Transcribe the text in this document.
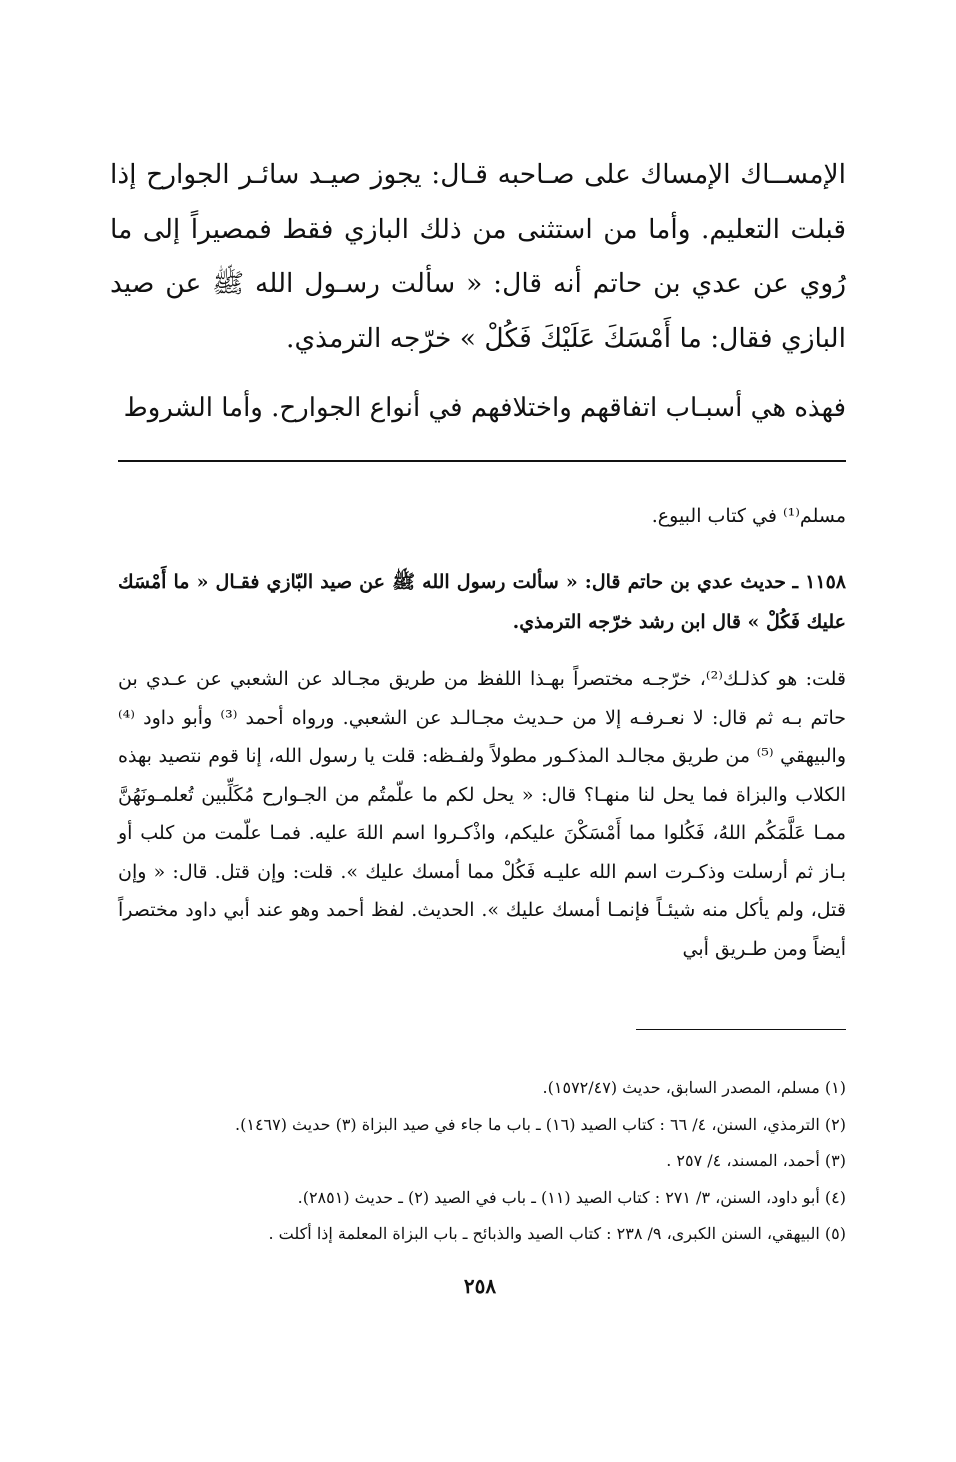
الإمســاك الإمساك على صـاحبه قـال: يجوز صيـد سائـر الجوارح إذا قبلت التعليم. وأما من استثنى من ذلك البازي فقط فمصيراً إلى ما رُوي عن عدي بن حاتم أنه قال: « سألت رسـول الله ﷺ عن صيد البازي فقال: ما أَمْسَكَ عَلَيْكَ فَكُلْ » خرّجه الترمذي.

فهذه هي أسبـاب اتفاقهم واختلافهم في أنواع الجوارح. وأما الشروط

مسلم⁽¹⁾ في كتاب البيوع.

١١٥٨ ـ حديث عدي بن حاتم قال: « سألت رسول الله ﷺ عن صيد البّازي فقـال « ما أَمْسَك عليك فَكُلْ » قال ابن رشد خرّجه الترمذي.

قلت: هو كذلـك⁽²⁾، خرّجـه مختصراً بهـذا اللفظ من طريق مجـالد عن الشعبي عن عـدي بن حاتم بـه ثم قال: لا نعـرفـه إلا من حـديث مجـالـد عن الشعبي. ورواه أحمد ⁽³⁾ وأبو داود ⁽⁴⁾ والبيهقي ⁽⁵⁾ من طريق مجالـد المذكـور مطولاً ولفـظه: قلت يا رسول الله، إنا قوم نتصيد بهذه الكلاب والبزاة فما يحل لنا منهـا؟ قال: « يحل لكم ما علّمتُم من الجـوارح مُكَلِّبين تُعلمـونَهُنَّ ممـا عَلَّمَكُم اللهُ، فَكُلوا مما أَمْسَكْنَ عليكم، واذْكـروا اسم اللهَ عليه. فمـا علّمت من كلب أو بـاز ثم أرسلت وذكـرت اسم الله عليـه فَكُلْ مما أمسك عليك ». قلت: وإن قتل. قال: « وإن قتل، ولم يأكل منه شيئـاً فإنمـا أمسك عليك ». الحديث. لفظ أحمد وهو عند أبي داود مختصراً أيضاً ومن طـريق أبي

(١) مسلم، المصدر السابق، حديث (١٥٧٢/٤٧).
(٢) الترمذي، السنن، ٤/ ٦٦ : كتاب الصيد (١٦) ـ باب ما جاء في صيد البزاة (٣) حديث (١٤٦٧).
(٣) أحمد، المسند، ٤/ ٢٥٧ .
(٤) أبو داود، السنن، ٣/ ٢٧١ : كتاب الصيد (١١) ـ باب في الصيد (٢) ـ حديث (٢٨٥١).
(٥) البيهقي، السنن الكبرى، ٩/ ٢٣٨ : كتاب الصيد والذبائح ـ باب البزاة المعلمة إذا أكلت .
٢٥٨
